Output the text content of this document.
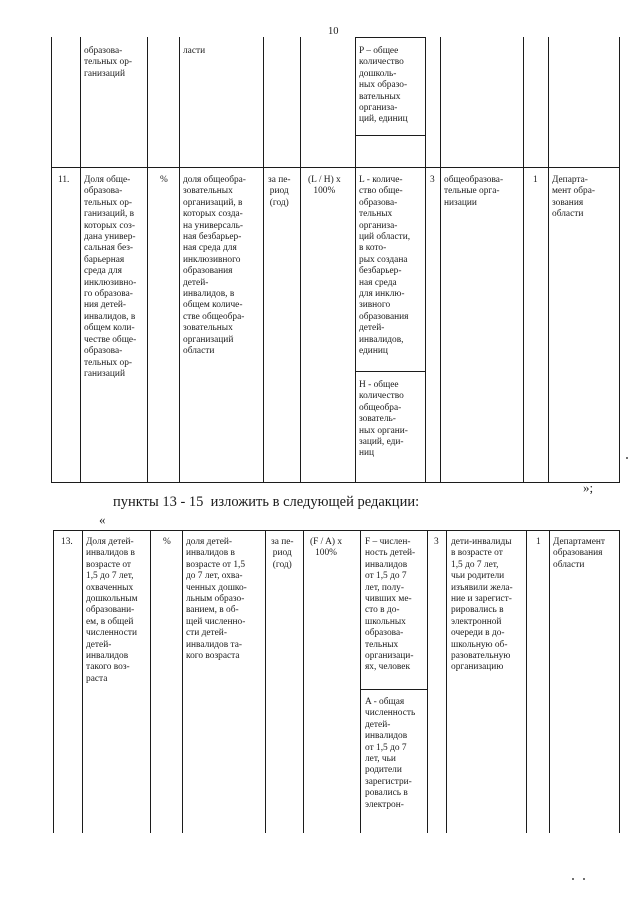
10
образова-
тельных ор-
ганизаций
ласти	P – общее
количество
дошколь-
ных образо-
вательных
организа-
ций, единиц
11. Доля обще-
образова-
тельных ор-
ганизаций, в
которых соз-
дана универ-
сальная без-
барьерная
среда для
инклюзивно-
го образова-
ния детей-
инвалидов, в
общем коли-
честве обще-
образова-
тельных ор-
ганизаций
% доля общеобра-
зовательных
организаций, в
которых созда-
на универсаль-
ная безбарьер-
ная среда для
инклюзивного
образования
детей-
инвалидов, в
общем количе-
стве общеобра-
зовательных
организаций
области
за пе-
риод
(год)
(L / H) x
100%
L - количе-
ство обще-
образова-
тельных
организа-
ций области,
в кото-
рых создана
безбарьер-
ная среда
для инклю-
зивного
образования
детей-
инвалидов,
единиц
H - общее
количество
общеобра-
зователь-
ных органи-
заций, еди-
ниц
3 общеобразова-
тельные орга-
низации
1 Департа-
мент обра-
зования
области
»;
пункты 13 - 15  изложить в следующей редакции:
«
13. Доля детей-
инвалидов в
возрасте от
1,5 до 7 лет,
охваченных
дошкольным
образовани-
ем, в общей
численности
детей-
инвалидов
такого воз-
раста
% доля детей-
инвалидов в
возрасте от 1,5
до 7 лет, охва-
ченных дошко-
льным образо-
ванием, в об-
щей численно-
сти детей-
инвалидов та-
кого возраста
за пе-
риод
(год)
(F / A) x
100%
F – числен-
ность детей-
инвалидов
от 1,5 до 7
лет, полу-
чивших ме-
сто в до-
школьных
образова-
тельных
организаци-
ях, человек
A - общая
численность
детей-
инвалидов
от 1,5 до 7
лет, чьи
родители
зарегистри-
ровались в
электрон-
3 дети-инвалиды
в возрасте от
1,5 до 7 лет,
чьи родители
изъявили жела-
ние и зарегист-
рировались в
электронной
очереди в до-
школьную об-
разовательную
организацию
1 Департамент
образования
области
